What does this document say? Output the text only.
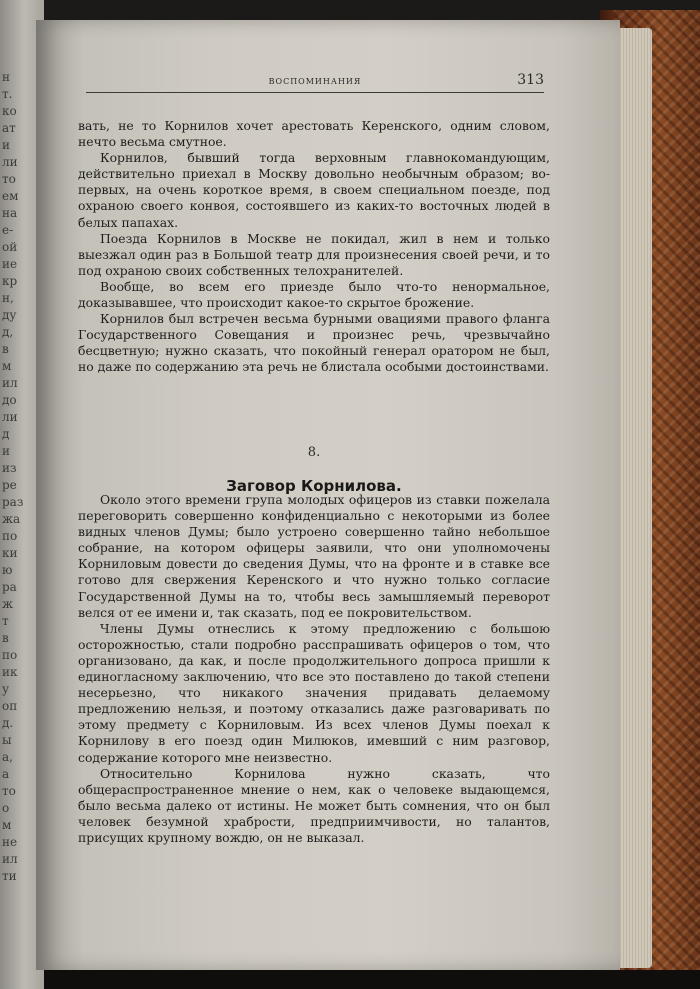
н
т.
ко
ат
и
ли
то
ем
на
е-
ой
ие
кр
н,
ду
д,
в
м
ил
до
ли
д
и
из
ре
раз
жа
по
ки
ю
ра
ж
т
в
по
ик
у
оп
д.
ы
а,
а
то
о
м
не
ил
ти
воспоминания	313

вать, не то Корнилов хочет арестовать Керенского, одним словом, нечто весьма смутное.

Корнилов, бывший тогда верховным главнокомандующим, действительно приехал в Москву довольно необычным образом; во-первых, на очень короткое время, в своем специальном поезде, под охраною своего конвоя, состоявшего из каких-то восточных людей в белых папахах.

Поезда Корнилов в Москве не покидал, жил в нем и только выезжал один раз в Большой театр для произнесения своей речи, и то под охраною своих собственных телохранителей.

Вообще, во всем его приезде было что-то ненормальное, доказывавшее, что происходит какое-то скрытое брожение.

Корнилов был встречен весьма бурными овациями правого фланга Государственного Совещания и произнес речь, чрезвычайно бесцветную; нужно сказать, что покойный генерал оратором не был, но даже по содержанию эта речь не блистала особыми достоинствами.

8.
Заговор Корнилова.

Около этого времени група молодых офицеров из ставки пожелала переговорить совершенно конфиденциально с некоторыми из более видных членов Думы; было устроено совершенно тайно небольшое собрание, на котором офицеры заявили, что они уполномочены Корниловым довести до сведения Думы, что на фронте и в ставке все готово для свержения Керенского и что нужно только согласие Государственной Думы на то, чтобы весь замышляемый переворот велся от ее имени и, так сказать, под ее покровительством.

Члены Думы отнеслись к этому предложению с большою осторожностью, стали подробно расспрашивать офицеров о том, что организовано, да как, и после продолжительного допроса пришли к единогласному заключению, что все это поставлено до такой степени несерьезно, что никакого значения придавать делаемому предложению нельзя, и поэтому отказались даже разговаривать по этому предмету с Корниловым. Из всех членов Думы поехал к Корнилову в его поезд один Милюков, имевший с ним разговор, содержание которого мне неизвестно.

Относительно Корнилова нужно сказать, что общераспространенное мнение о нем, как о человеке выдающемся, было весьма далеко от истины. Не может быть сомнения, что он был человек безумной храбрости, предприимчивости, но талантов, присущих крупному вождю, он не выказал.
